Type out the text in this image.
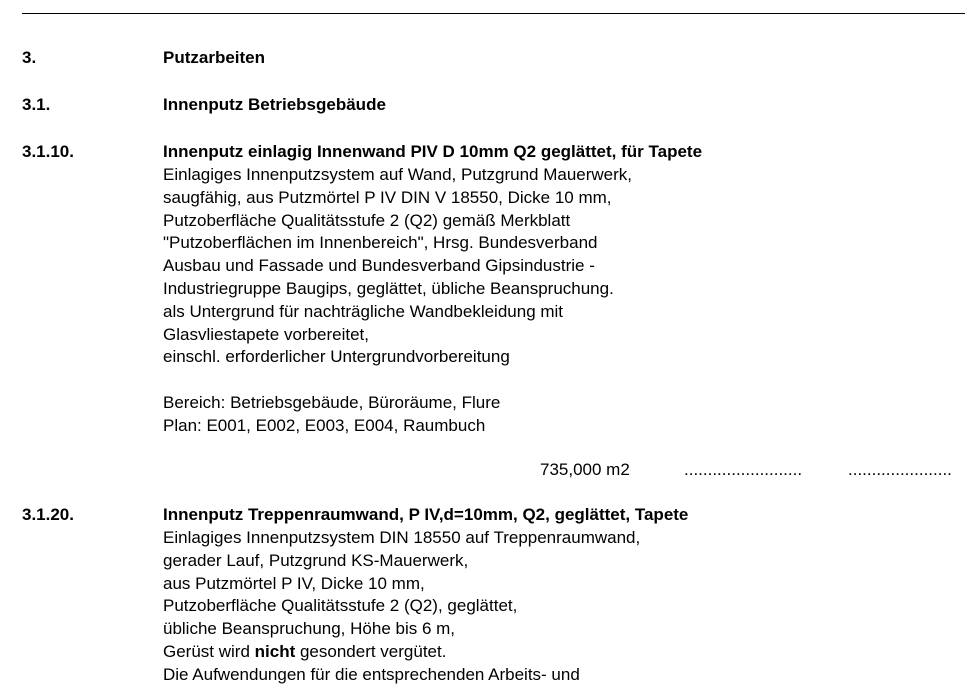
3.	Putzarbeiten
3.1.	Innenputz Betriebsgebäude
3.1.10.	Innenputz einlagig Innenwand PIV D 10mm Q2 geglättet, für Tapete
Einlagiges Innenputzsystem auf Wand, Putzgrund Mauerwerk,
saugfähig, aus Putzmörtel P IV DIN V 18550, Dicke 10 mm,
Putzoberfläche Qualitätsstufe 2 (Q2) gemäß Merkblatt
"Putzoberflächen im Innenbereich", Hrsg. Bundesverband
Ausbau und Fassade und Bundesverband Gipsindustrie -
Industriegruppe Baugips, geglättet, übliche Beanspruchung.
als Untergrund für nachträgliche Wandbekleidung mit
Glasvliestapete vorbereitet,
einschl. erforderlicher Untergrundvorbereitung
Bereich: Betriebsgebäude, Büroräume, Flure
Plan: E001, E002, E003, E004, Raumbuch
735,000 m2	.........................	......................
3.1.20.	Innenputz Treppenraumwand, P IV,d=10mm, Q2, geglättet, Tapete
Einlagiges Innenputzsystem DIN 18550 auf Treppenraumwand,
gerader Lauf, Putzgrund KS-Mauerwerk,
aus Putzmörtel P IV, Dicke 10 mm,
Putzoberfläche Qualitätsstufe 2 (Q2), geglättet,
übliche Beanspruchung, Höhe bis 6 m,
Gerüst wird nicht gesondert vergütet.
Die Aufwendungen für die entsprechenden Arbeits- und
